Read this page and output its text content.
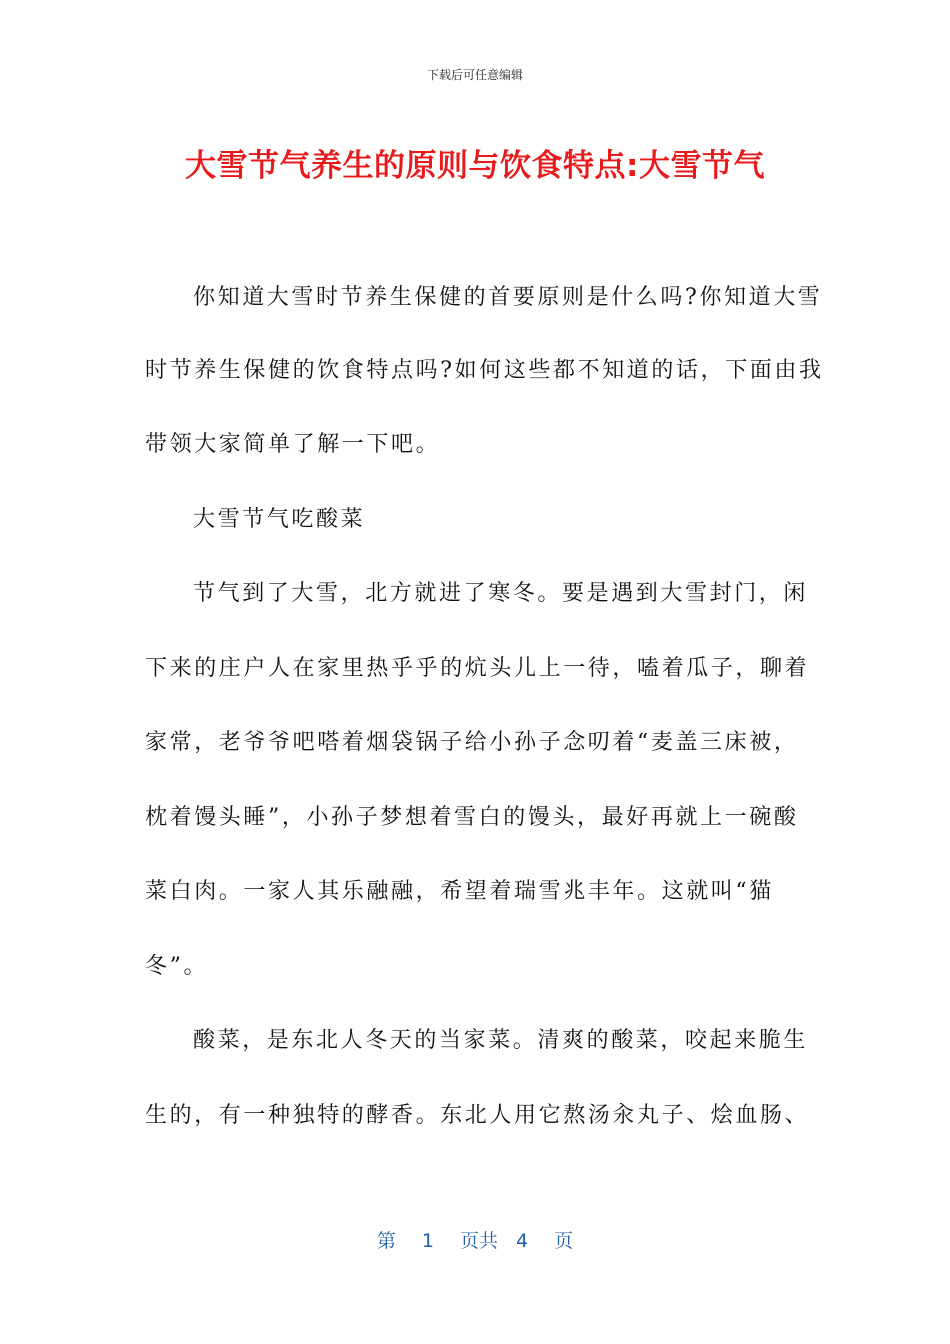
下载后可任意编辑
大雪节气养生的原则与饮食特点:大雪节气
你知道大雪时节养生保健的首要原则是什么吗?你知道大雪
时节养生保健的饮食特点吗?如何这些都不知道的话，下面由我
带领大家简单了解一下吧。
大雪节气吃酸菜
节气到了大雪，北方就进了寒冬。要是遇到大雪封门，闲
下来的庄户人在家里热乎乎的炕头儿上一待，嗑着瓜子，聊着
家常，老爷爷吧嗒着烟袋锅子给小孙子念叨着“麦盖三床被，
枕着馒头睡”，小孙子梦想着雪白的馒头，最好再就上一碗酸
菜白肉。一家人其乐融融，希望着瑞雪兆丰年。这就叫“猫
冬”。
酸菜，是东北人冬天的当家菜。清爽的酸菜，咬起来脆生
生的，有一种独特的酵香。东北人用它熬汤汆丸子、烩血肠、
第 1 页共 4 页
